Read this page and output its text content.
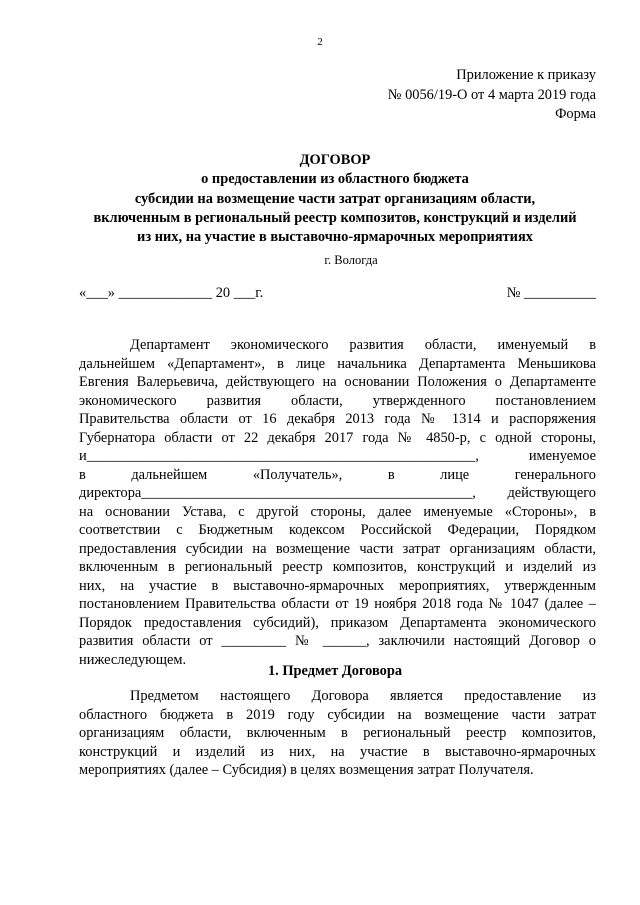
2
Приложение к приказу
№ 0056/19-О от 4 марта 2019 года
Форма
ДОГОВОР
о предоставлении из областного бюджета
субсидии на возмещение части затрат организациям области,
включенным в региональный реестр композитов, конструкций и изделий
из них, на участие в выставочно-ярмарочных мероприятиях
г. Вологда
«___» _____________ 20 ___г.	№ __________
Департамент экономического развития области, именуемый в
дальнейшем «Департамент», в лице начальника Департамента Меньшикова
Евгения Валерьевича, действующего на основании Положения о Департаменте
экономического развития области, утвержденного постановлением
Правительства области от 16 декабря 2013 года № 1314 и распоряжения
Губернатора области от 22 декабря 2017 года № 4850-р, с одной стороны,
и______________________________________________________, именуемое
в дальнейшем «Получатель», в лице генерального
директора______________________________________________, действующего
на основании Устава, с другой стороны, далее именуемые «Стороны», в
соответствии с Бюджетным кодексом Российской Федерации, Порядком
предоставления субсидии на возмещение части затрат организациям области,
включенным в региональный реестр композитов, конструкций и изделий из
них, на участие в выставочно-ярмарочных мероприятиях, утвержденным
постановлением Правительства области от 19 ноября 2018 года № 1047 (далее –
Порядок предоставления субсидий), приказом Департамента экономического
развития области от _________ № ______, заключили настоящий Договор о
нижеследующем.
1. Предмет Договора
Предметом настоящего Договора является предоставление из
областного бюджета в 2019 году субсидии на возмещение части затрат
организациям области, включенным в региональный реестр композитов,
конструкций и изделий из них, на участие в выставочно-ярмарочных
мероприятиях (далее – Субсидия) в целях возмещения затрат Получателя.
